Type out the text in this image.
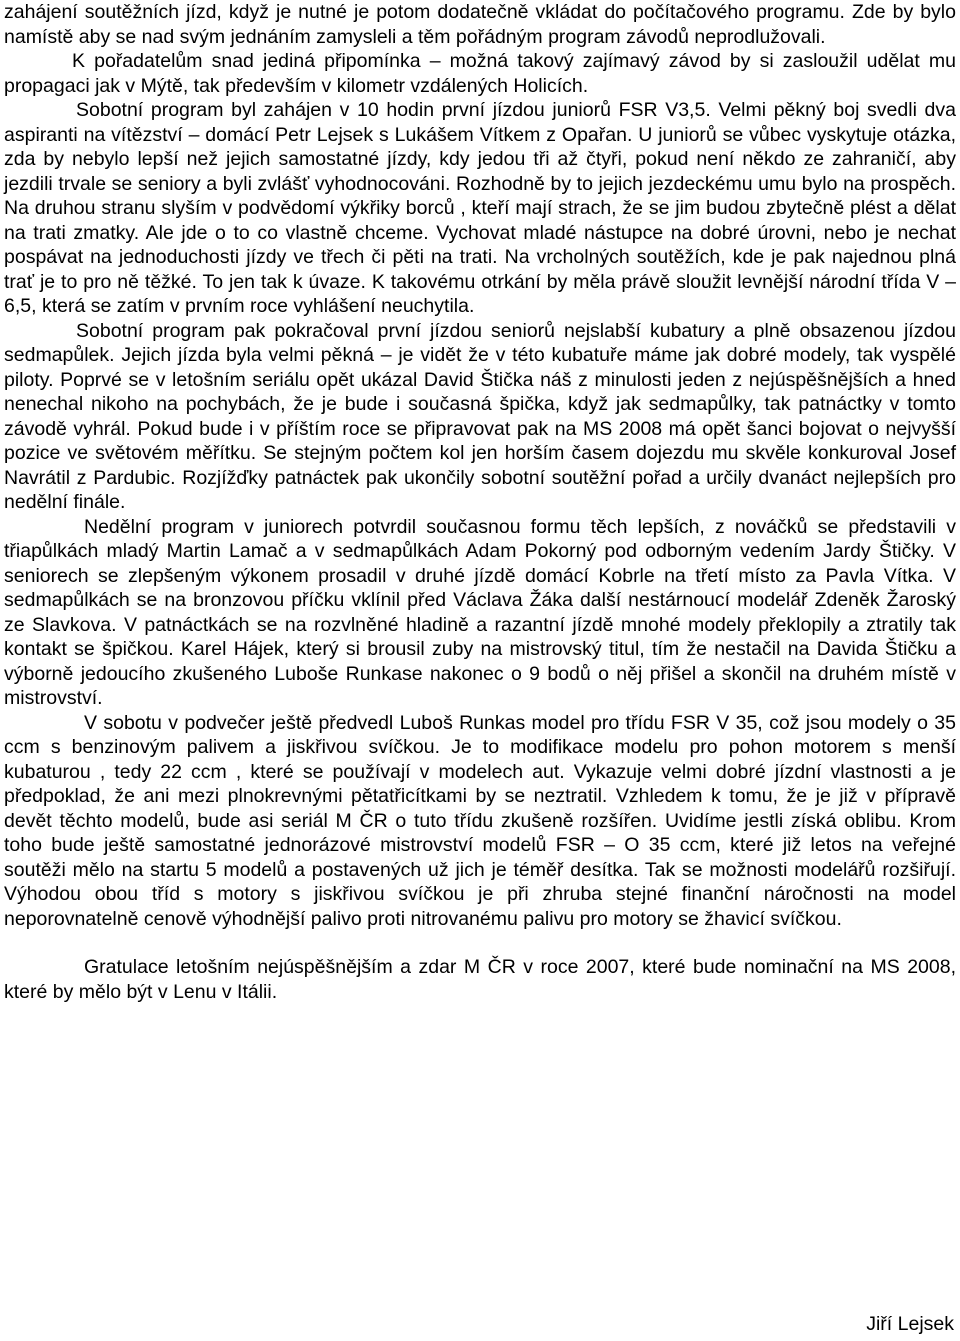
zahájení soutěžních jízd, když je nutné je potom dodatečně vkládat do počítačového programu. Zde by bylo namístě aby se nad svým jednáním zamysleli a těm pořádným program závodů neprodlužovali.

K pořadatelům snad jediná připomínka – možná takový zajímavý závod by si zasloužil udělat mu propagaci jak v Mýtě, tak především v kilometr vzdálených Holicích.

Sobotní program byl zahájen v 10 hodin první jízdou juniorů FSR V3,5. Velmi pěkný boj svedli dva aspiranti na vítězství – domácí Petr Lejsek s Lukášem Vítkem z Opařan. U juniorů se vůbec vyskytuje otázka, zda by nebylo lepší než jejich samostatné jízdy, kdy jedou tři až čtyři, pokud není někdo ze zahraničí, aby jezdili trvale se seniory a byli zvlášť vyhodnocováni. Rozhodně by to jejich jezdeckému umu bylo na prospěch. Na druhou stranu slyším v podvědomí výkřiky borců , kteří mají strach, že se jim budou zbytečně plést a dělat na trati zmatky. Ale jde o to co vlastně chceme. Vychovat mladé nástupce na dobré úrovni, nebo je nechat pospávat na jednoduchosti jízdy ve třech či pěti na trati. Na vrcholných soutěžích, kde je pak najednou plná trať je to pro ně těžké. To jen tak k úvaze. K takovému otrkání by měla právě sloužit levnější národní třída V – 6,5, která se zatím v prvním roce vyhlášení neuchytila.

Sobotní program pak pokračoval první jízdou seniorů nejslabší kubatury a plně obsazenou jízdou sedmapůlek. Jejich jízda byla velmi pěkná – je vidět že v této kubatuře máme jak dobré modely, tak vyspělé piloty. Poprvé se v letošním seriálu opět ukázal David Štička náš z minulosti jeden z nejúspěšnějších a hned nenechal nikoho na pochybách, že je bude i současná špička, když jak sedmapůlky, tak patnáctky v tomto závodě vyhrál. Pokud bude i v příštím roce se připravovat pak na MS 2008 má opět šanci bojovat o nejvyšší pozice ve světovém měřítku. Se stejným počtem kol jen horším časem dojezdu mu skvěle konkuroval Josef Navrátil z Pardubic. Rozjížďky patnáctek pak ukončily sobotní soutěžní pořad a určily dvanáct nejlepších pro nedělní finále.

Nedělní program v juniorech potvrdil současnou formu těch lepších, z nováčků se představili v třiapůlkách mladý Martin Lamač a v sedmapůlkách Adam Pokorný pod odborným vedením Jardy Štičky. V seniorech se zlepšeným výkonem prosadil v druhé jízdě domácí Kobrle na třetí místo za Pavla Vítka. V sedmapůlkách se na bronzovou příčku vklínil před Václava Žáka další nestárnoucí modelář Zdeněk Žaroský ze Slavkova. V patnáctkách se na rozvlněné hladině a razantní jízdě mnohé modely překlopily a ztratily tak kontakt se špičkou. Karel Hájek, který si brousil zuby na mistrovský titul, tím že nestačil na Davida Štičku a výborně jedoucího zkušeného Luboše Runkase nakonec o 9 bodů o něj přišel a skončil na druhém místě v mistrovství.

V sobotu v podvečer ještě předvedl Luboš Runkas model pro třídu FSR V 35, což jsou modely o 35 ccm s benzinovým palivem a jiskřivou svíčkou. Je to modifikace modelu pro pohon motorem s menší kubaturou , tedy 22 ccm , které se používají v modelech aut. Vykazuje velmi dobré jízdní vlastnosti a je předpoklad, že ani mezi plnokrevnými pětatřicítkami by se neztratil. Vzhledem k tomu, že je již v přípravě devět těchto modelů, bude asi seriál M ČR o tuto třídu zkušeně rozšířen. Uvidíme jestli získá oblibu. Krom toho bude ještě samostatné jednorázové mistrovství modelů FSR – O 35 ccm, které již letos na veřejné soutěži mělo na startu 5 modelů a postavených už jich je téměř desítka. Tak se možnosti modelářů rozšiřují. Výhodou obou tříd s motory s jiskřivou svíčkou je při zhruba stejné finanční náročnosti na model neporovnatelně cenově výhodnější palivo proti nitrovanému palivu pro motory se žhavicí svíčkou.

Gratulace letošním nejúspěšnějším a zdar M ČR v roce 2007, které bude nominační na MS 2008, které by mělo být v Lenu v Itálii.

Jiří Lejsek
